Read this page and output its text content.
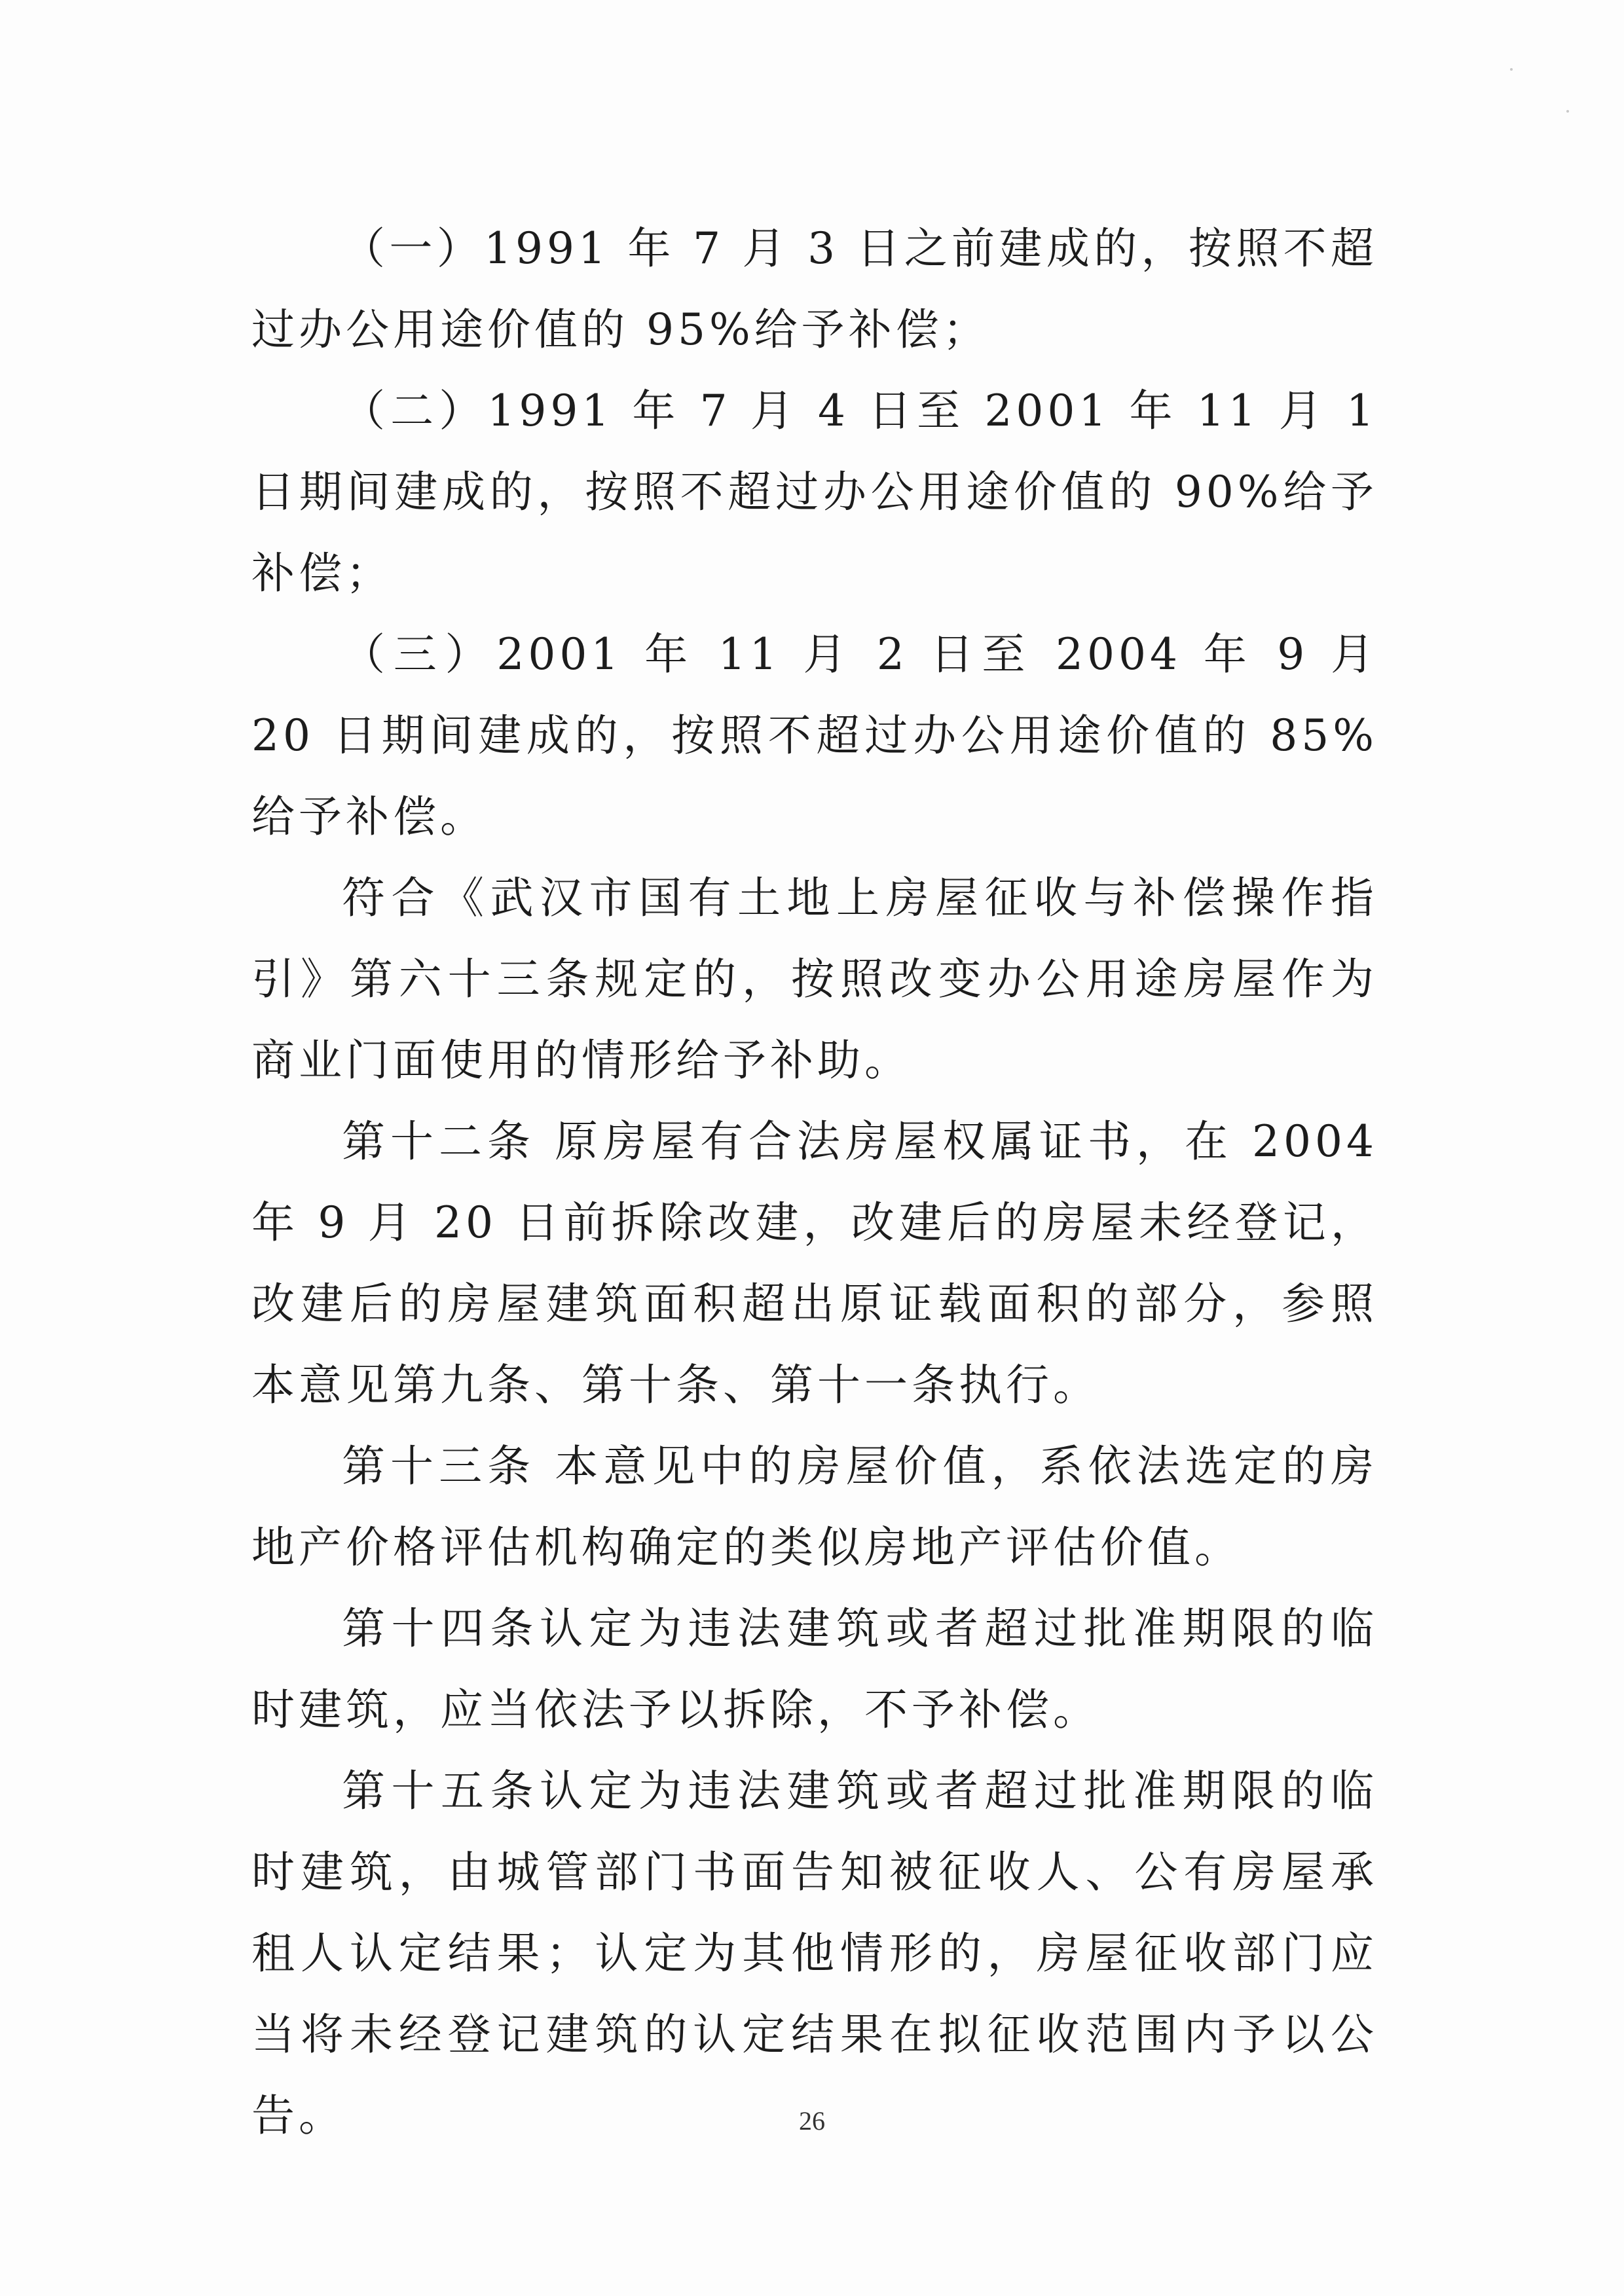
（一）1991 年 7 月 3 日之前建成的，按照不超过办公用途价值的 95%给予补偿；

（二）1991 年 7 月 4 日至 2001 年 11 月 1 日期间建成的，按照不超过办公用途价值的 90%给予补偿；

（三）2001 年 11 月 2 日至 2004 年 9 月 20 日期间建成的，按照不超过办公用途价值的 85%给予补偿。

符合《武汉市国有土地上房屋征收与补偿操作指引》第六十三条规定的，按照改变办公用途房屋作为商业门面使用的情形给予补助。

第十二条 原房屋有合法房屋权属证书，在 2004 年 9 月 20 日前拆除改建，改建后的房屋未经登记，改建后的房屋建筑面积超出原证载面积的部分，参照本意见第九条、第十条、第十一条执行。

第十三条 本意见中的房屋价值，系依法选定的房地产价格评估机构确定的类似房地产评估价值。

第十四条认定为违法建筑或者超过批准期限的临时建筑，应当依法予以拆除，不予补偿。

第十五条认定为违法建筑或者超过批准期限的临时建筑，由城管部门书面告知被征收人、公有房屋承租人认定结果；认定为其他情形的，房屋征收部门应当将未经登记建筑的认定结果在拟征收范围内予以公告。	26
